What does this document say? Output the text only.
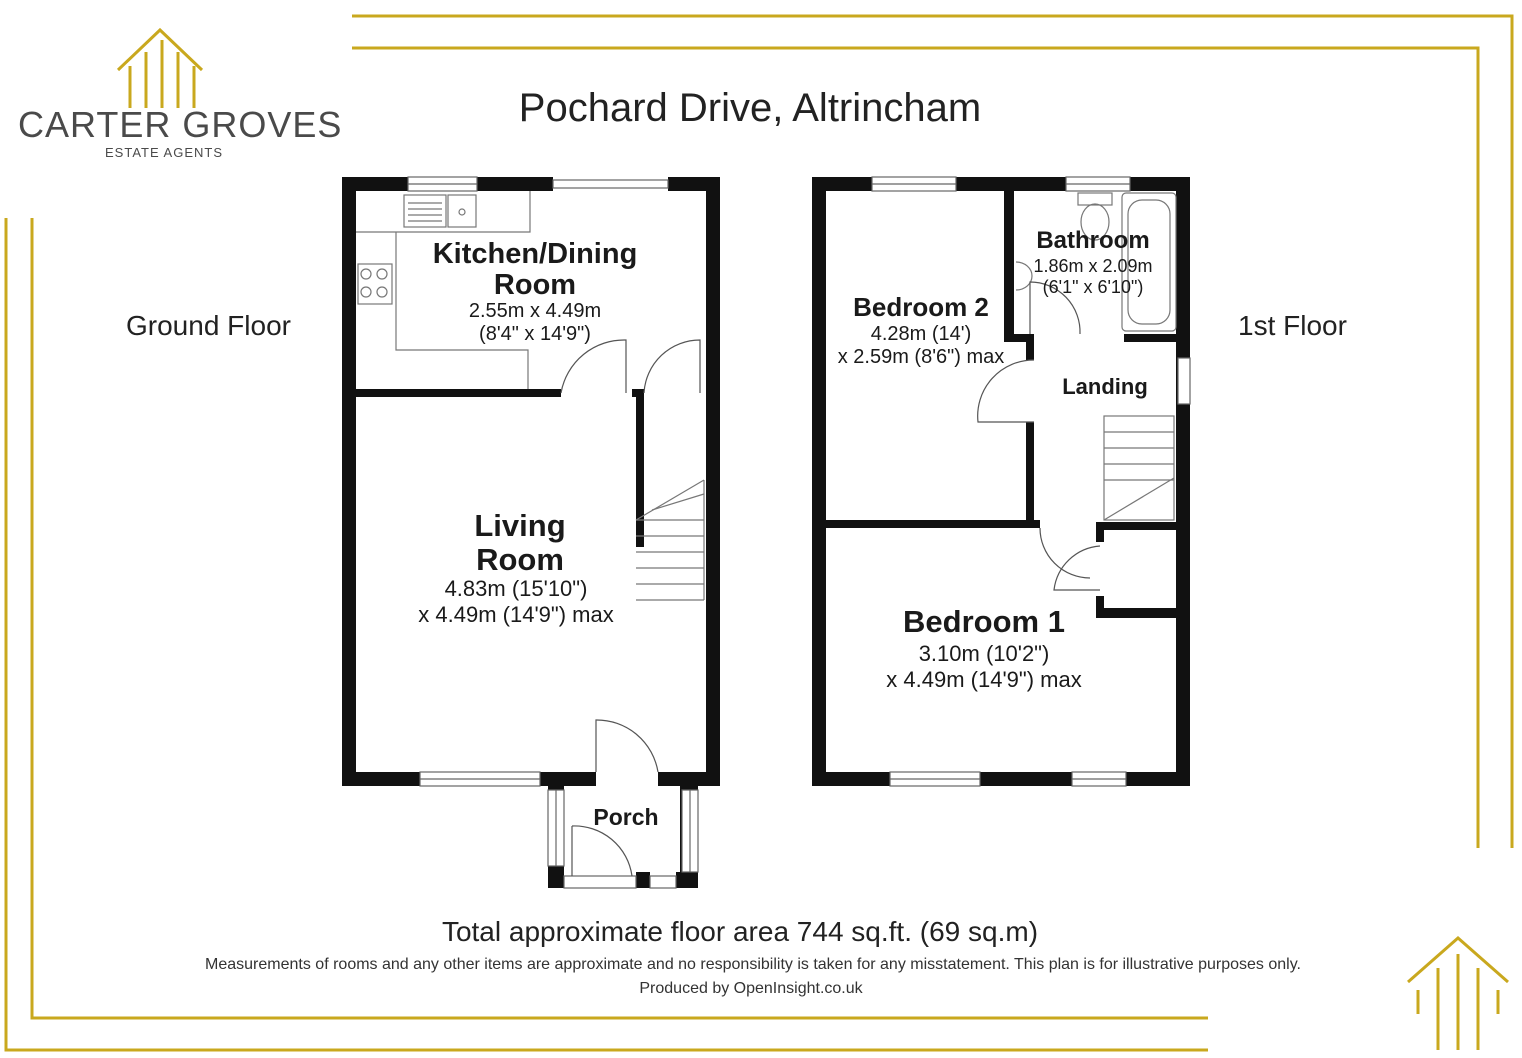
CARTER GROVES
ESTATE AGENTS
Pochard Drive, Altrincham
Ground Floor	1st Floor
Kitchen/Dining
Room
2.55m x 4.49m
(8'4" x 14'9")
Living
Room
4.83m (15'10")
x 4.49m (14'9") max
Porch
Bathroom
1.86m x 2.09m
(6'1" x 6'10")
Bedroom 2
4.28m (14')
x 2.59m (8'6") max
Landing
Bedroom 1
3.10m (10'2")
x 4.49m (14'9") max
Total approximate floor area 744 sq.ft. (69 sq.m)
Measurements of rooms and any other items are approximate and no responsibility is taken for any misstatement. This plan is for illustrative purposes only.
Produced by OpenInsight.co.uk
